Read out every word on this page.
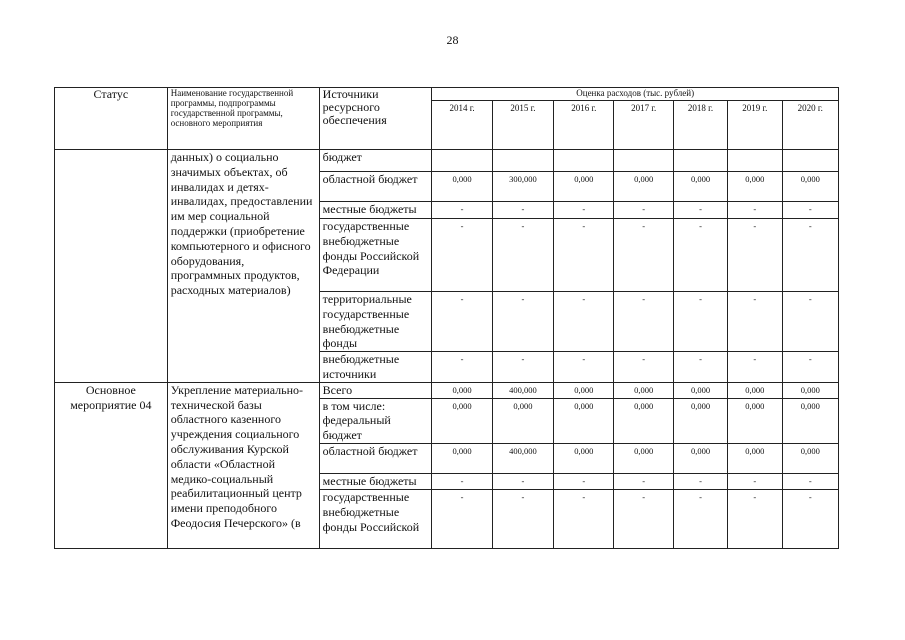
28
Статус	Наименование государственной программы, подпрограммы государственной программы, основного мероприятия	Источники ресурсного обеспечения	Оценка расходов (тыс. рублей)						
			2014 г.	2015 г.	2016 г.	2017 г.	2018 г.	2019 г.	2020 г.
	данных) о социально значимых объектах, об инвалидах и детях-инвалидах, предоставлении им мер социальной поддержки (приобретение компьютерного и офисного оборудования, программных продуктов, расходных материалов)	бюджет							
		областной бюджет	0,000	300,000	0,000	0,000	0,000	0,000	0,000
		местные бюджеты	-	-	-	-	-	-	-
		государственные внебюджетные фонды Российской Федерации	-	-	-	-	-	-	-
		территориальные государственные внебюджетные фонды	-	-	-	-	-	-	-
		внебюджетные источники	-	-	-	-	-	-	-
Основное мероприятие 04	Укрепление материально-технической базы областного казенного учреждения социального обслуживания Курской области «Областной медико-социальный реабилитационный центр имени преподобного Феодосия Печерского» (в	Всего	0,000	400,000	0,000	0,000	0,000	0,000	0,000
		в том числе: федеральный бюджет	0,000	0,000	0,000	0,000	0,000	0,000	0,000
		областной бюджет	0,000	400,000	0,000	0,000	0,000	0,000	0,000
		местные бюджеты	-	-	-	-	-	-	-
		государственные внебюджетные фонды Российской	-	-	-	-	-	-	-
